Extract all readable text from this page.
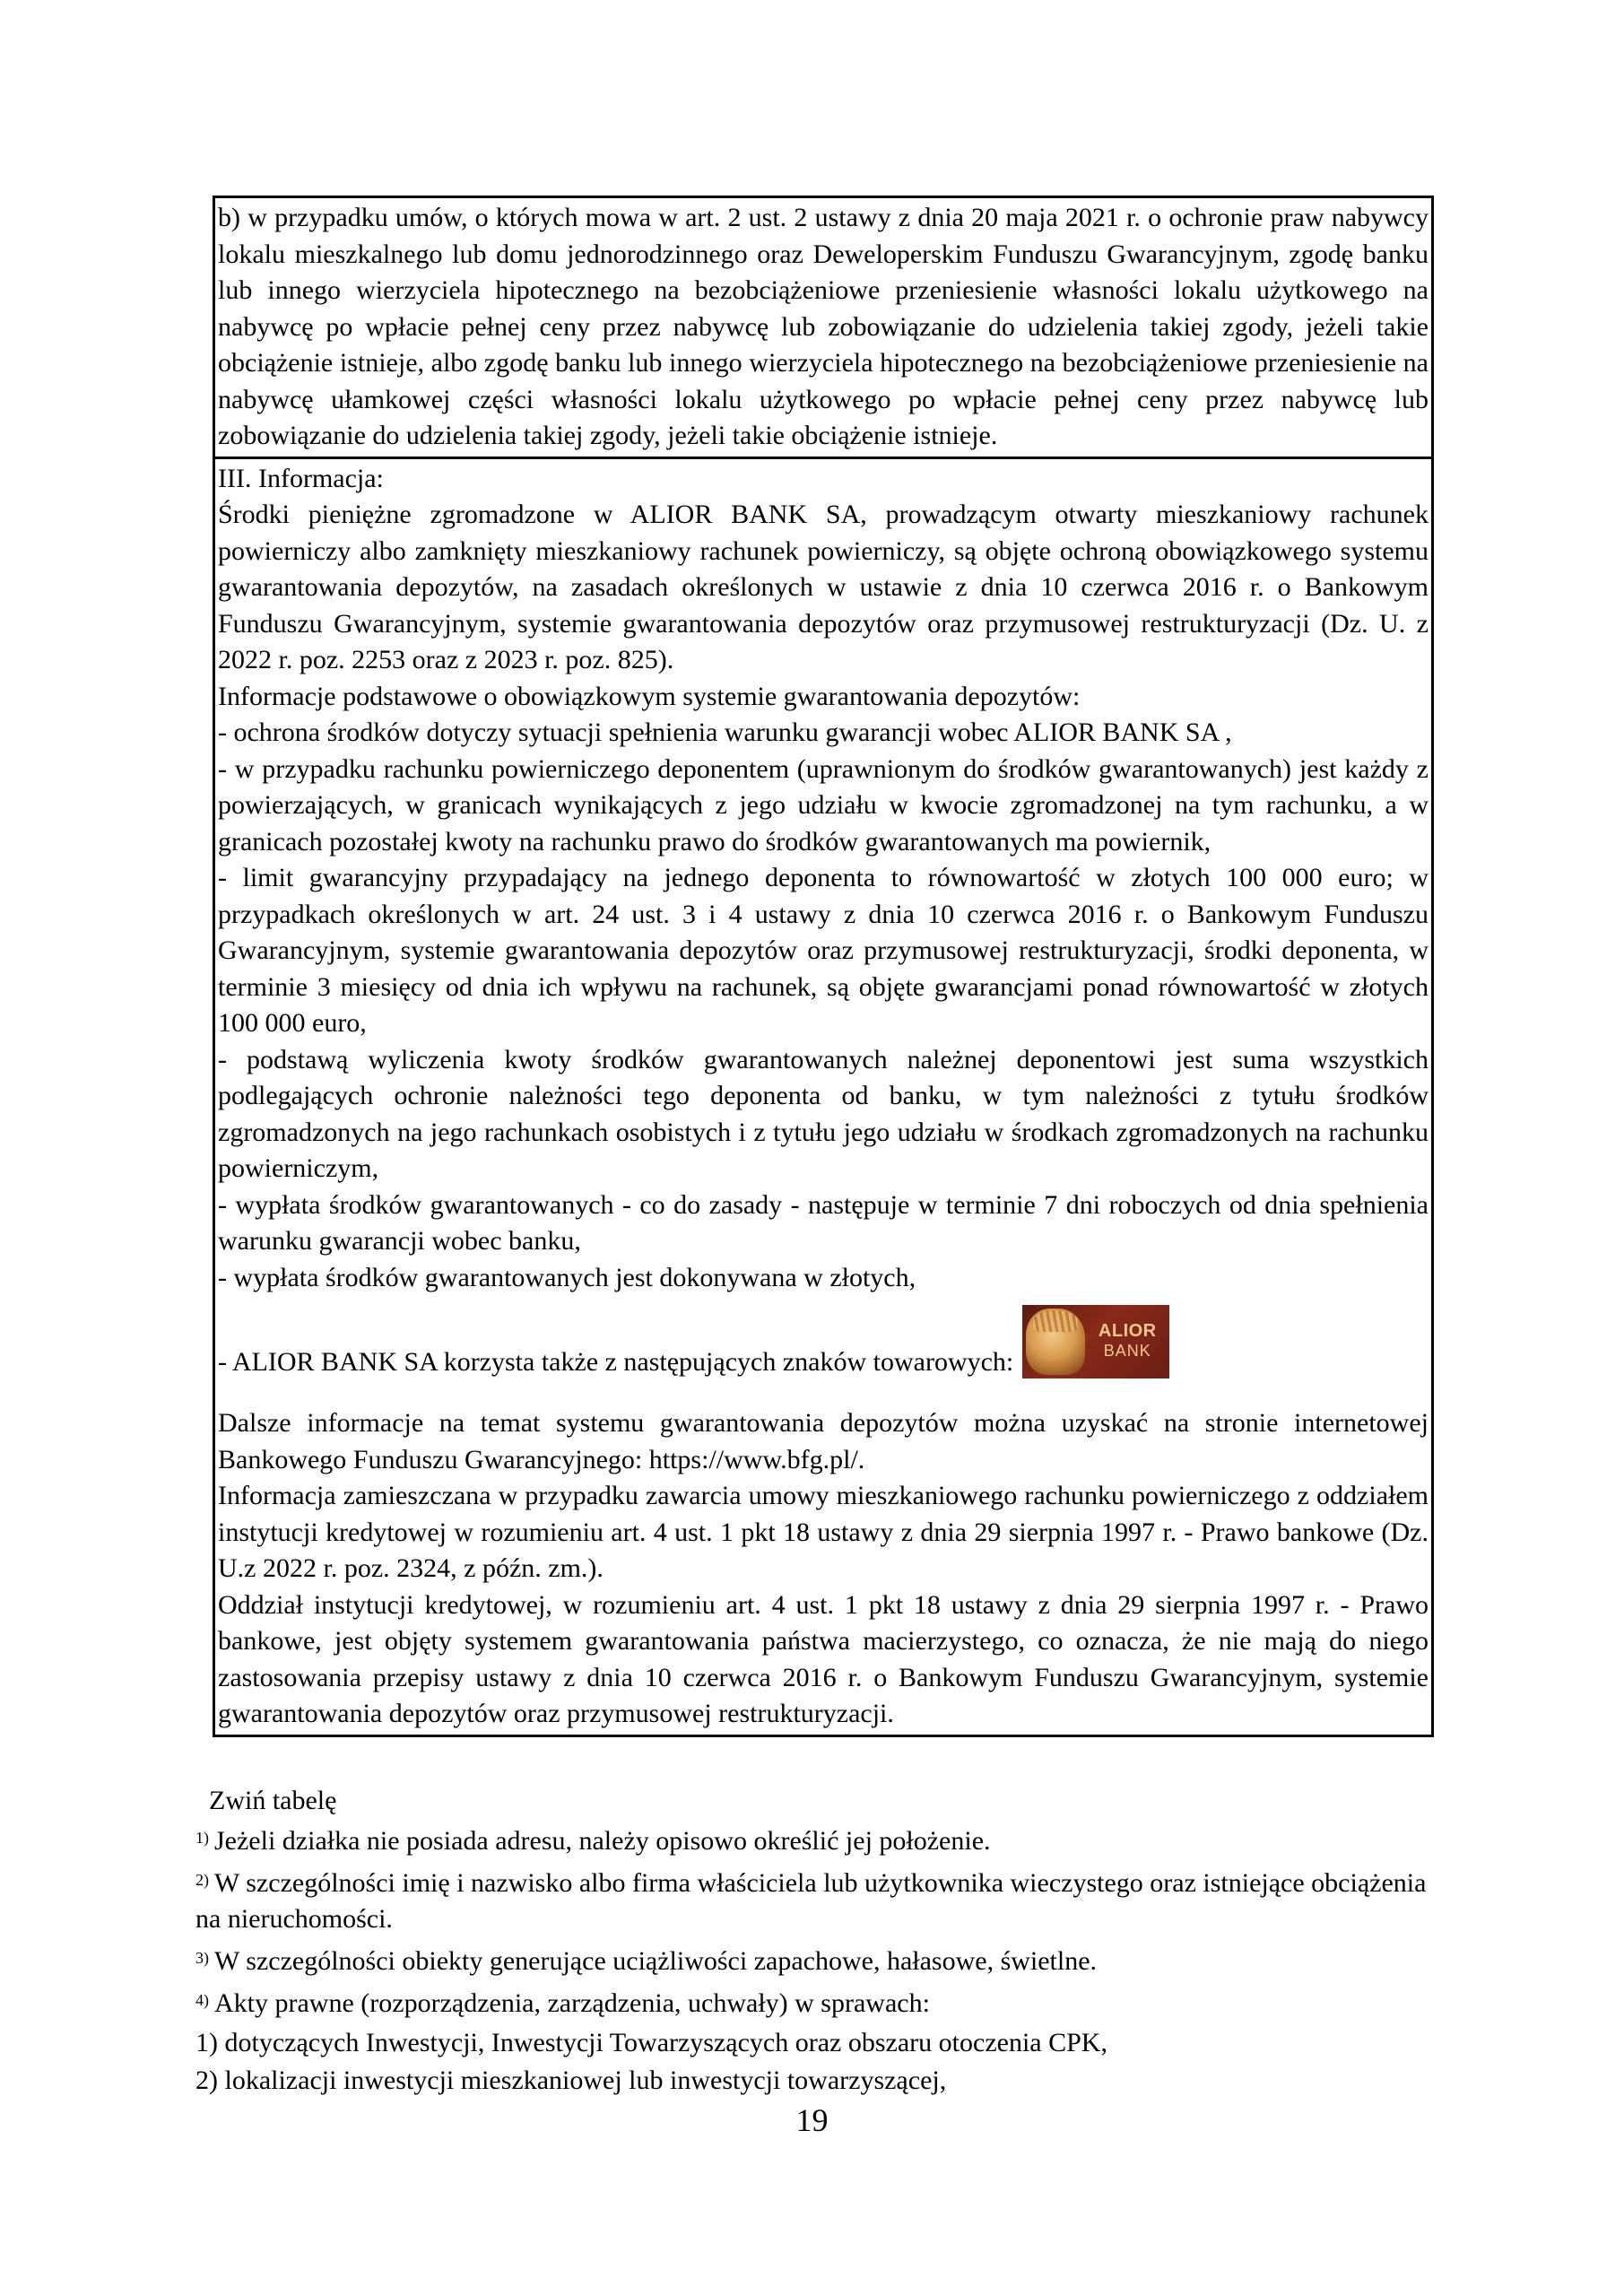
b) w przypadku umów, o których mowa w art. 2 ust. 2 ustawy z dnia 20 maja 2021 r. o ochronie praw nabywcy lokalu mieszkalnego lub domu jednorodzinnego oraz Deweloperskim Funduszu Gwarancyjnym, zgodę banku lub innego wierzyciela hipotecznego na bezobciążeniowe przeniesienie własności lokalu użytkowego na nabywcę po wpłacie pełnej ceny przez nabywcę lub zobowiązanie do udzielenia takiej zgody, jeżeli takie obciążenie istnieje, albo zgodę banku lub innego wierzyciela hipotecznego na bezobciążeniowe przeniesienie na nabywcę ułamkowej części własności lokalu użytkowego po wpłacie pełnej ceny przez nabywcę lub zobowiązanie do udzielenia takiej zgody, jeżeli takie obciążenie istnieje.

III. Informacja:

Środki pieniężne zgromadzone w ALIOR BANK SA, prowadzącym otwarty mieszkaniowy rachunek powierniczy albo zamknięty mieszkaniowy rachunek powierniczy, są objęte ochroną obowiązkowego systemu gwarantowania depozytów, na zasadach określonych w ustawie z dnia 10 czerwca 2016 r. o Bankowym Funduszu Gwarancyjnym, systemie gwarantowania depozytów oraz przymusowej restrukturyzacji (Dz. U. z 2022 r. poz. 2253 oraz z 2023 r. poz. 825).

Informacje podstawowe o obowiązkowym systemie gwarantowania depozytów:

- ochrona środków dotyczy sytuacji spełnienia warunku gwarancji wobec ALIOR BANK SA ,

- w przypadku rachunku powierniczego deponentem (uprawnionym do środków gwarantowanych) jest każdy z powierzających, w granicach wynikających z jego udziału w kwocie zgromadzonej na tym rachunku, a w granicach pozostałej kwoty na rachunku prawo do środków gwarantowanych ma powiernik,

- limit gwarancyjny przypadający na jednego deponenta to równowartość w złotych 100 000 euro; w przypadkach określonych w art. 24 ust. 3 i 4 ustawy z dnia 10 czerwca 2016 r. o Bankowym Funduszu Gwarancyjnym, systemie gwarantowania depozytów oraz przymusowej restrukturyzacji, środki deponenta, w terminie 3 miesięcy od dnia ich wpływu na rachunek, są objęte gwarancjami ponad równowartość w złotych 100 000 euro,

- podstawą wyliczenia kwoty środków gwarantowanych należnej deponentowi jest suma wszystkich podlegających ochronie należności tego deponenta od banku, w tym należności z tytułu środków zgromadzonych na jego rachunkach osobistych i z tytułu jego udziału w środkach zgromadzonych na rachunku powierniczym,

- wypłata środków gwarantowanych - co do zasady - następuje w terminie 7 dni roboczych od dnia spełnienia warunku gwarancji wobec banku,

- wypłata środków gwarantowanych jest dokonywana w złotych,

- ALIOR BANK SA korzysta także z następujących znaków towarowych:
ALIOR
BANK

Dalsze informacje na temat systemu gwarantowania depozytów można uzyskać na stronie internetowej Bankowego Funduszu Gwarancyjnego: https://www.bfg.pl/.

Informacja zamieszczana w przypadku zawarcia umowy mieszkaniowego rachunku powierniczego z oddziałem instytucji kredytowej w rozumieniu art. 4 ust. 1 pkt 18 ustawy z dnia 29 sierpnia 1997 r. - Prawo bankowe (Dz. U.z 2022 r. poz. 2324, z późn. zm.).

Oddział instytucji kredytowej, w rozumieniu art. 4 ust. 1 pkt 18 ustawy z dnia 29 sierpnia 1997 r. - Prawo bankowe, jest objęty systemem gwarantowania państwa macierzystego, co oznacza, że nie mają do niego zastosowania przepisy ustawy z dnia 10 czerwca 2016 r. o Bankowym Funduszu Gwarancyjnym, systemie gwarantowania depozytów oraz przymusowej restrukturyzacji.

Zwiń tabelę

$^{1)}$ Jeżeli działka nie posiada adresu, należy opisowo określić jej położenie.

$^{2)}$ W szczególności imię i nazwisko albo firma właściciela lub użytkownika wieczystego oraz istniejące obciążenia na nieruchomości.

$^{3)}$ W szczególności obiekty generujące uciążliwości zapachowe, hałasowe, świetlne.

$^{4)}$ Akty prawne (rozporządzenia, zarządzenia, uchwały) w sprawach:

1) dotyczących Inwestycji, Inwestycji Towarzyszących oraz obszaru otoczenia CPK,

2) lokalizacji inwestycji mieszkaniowej lub inwestycji towarzyszącej,

19
